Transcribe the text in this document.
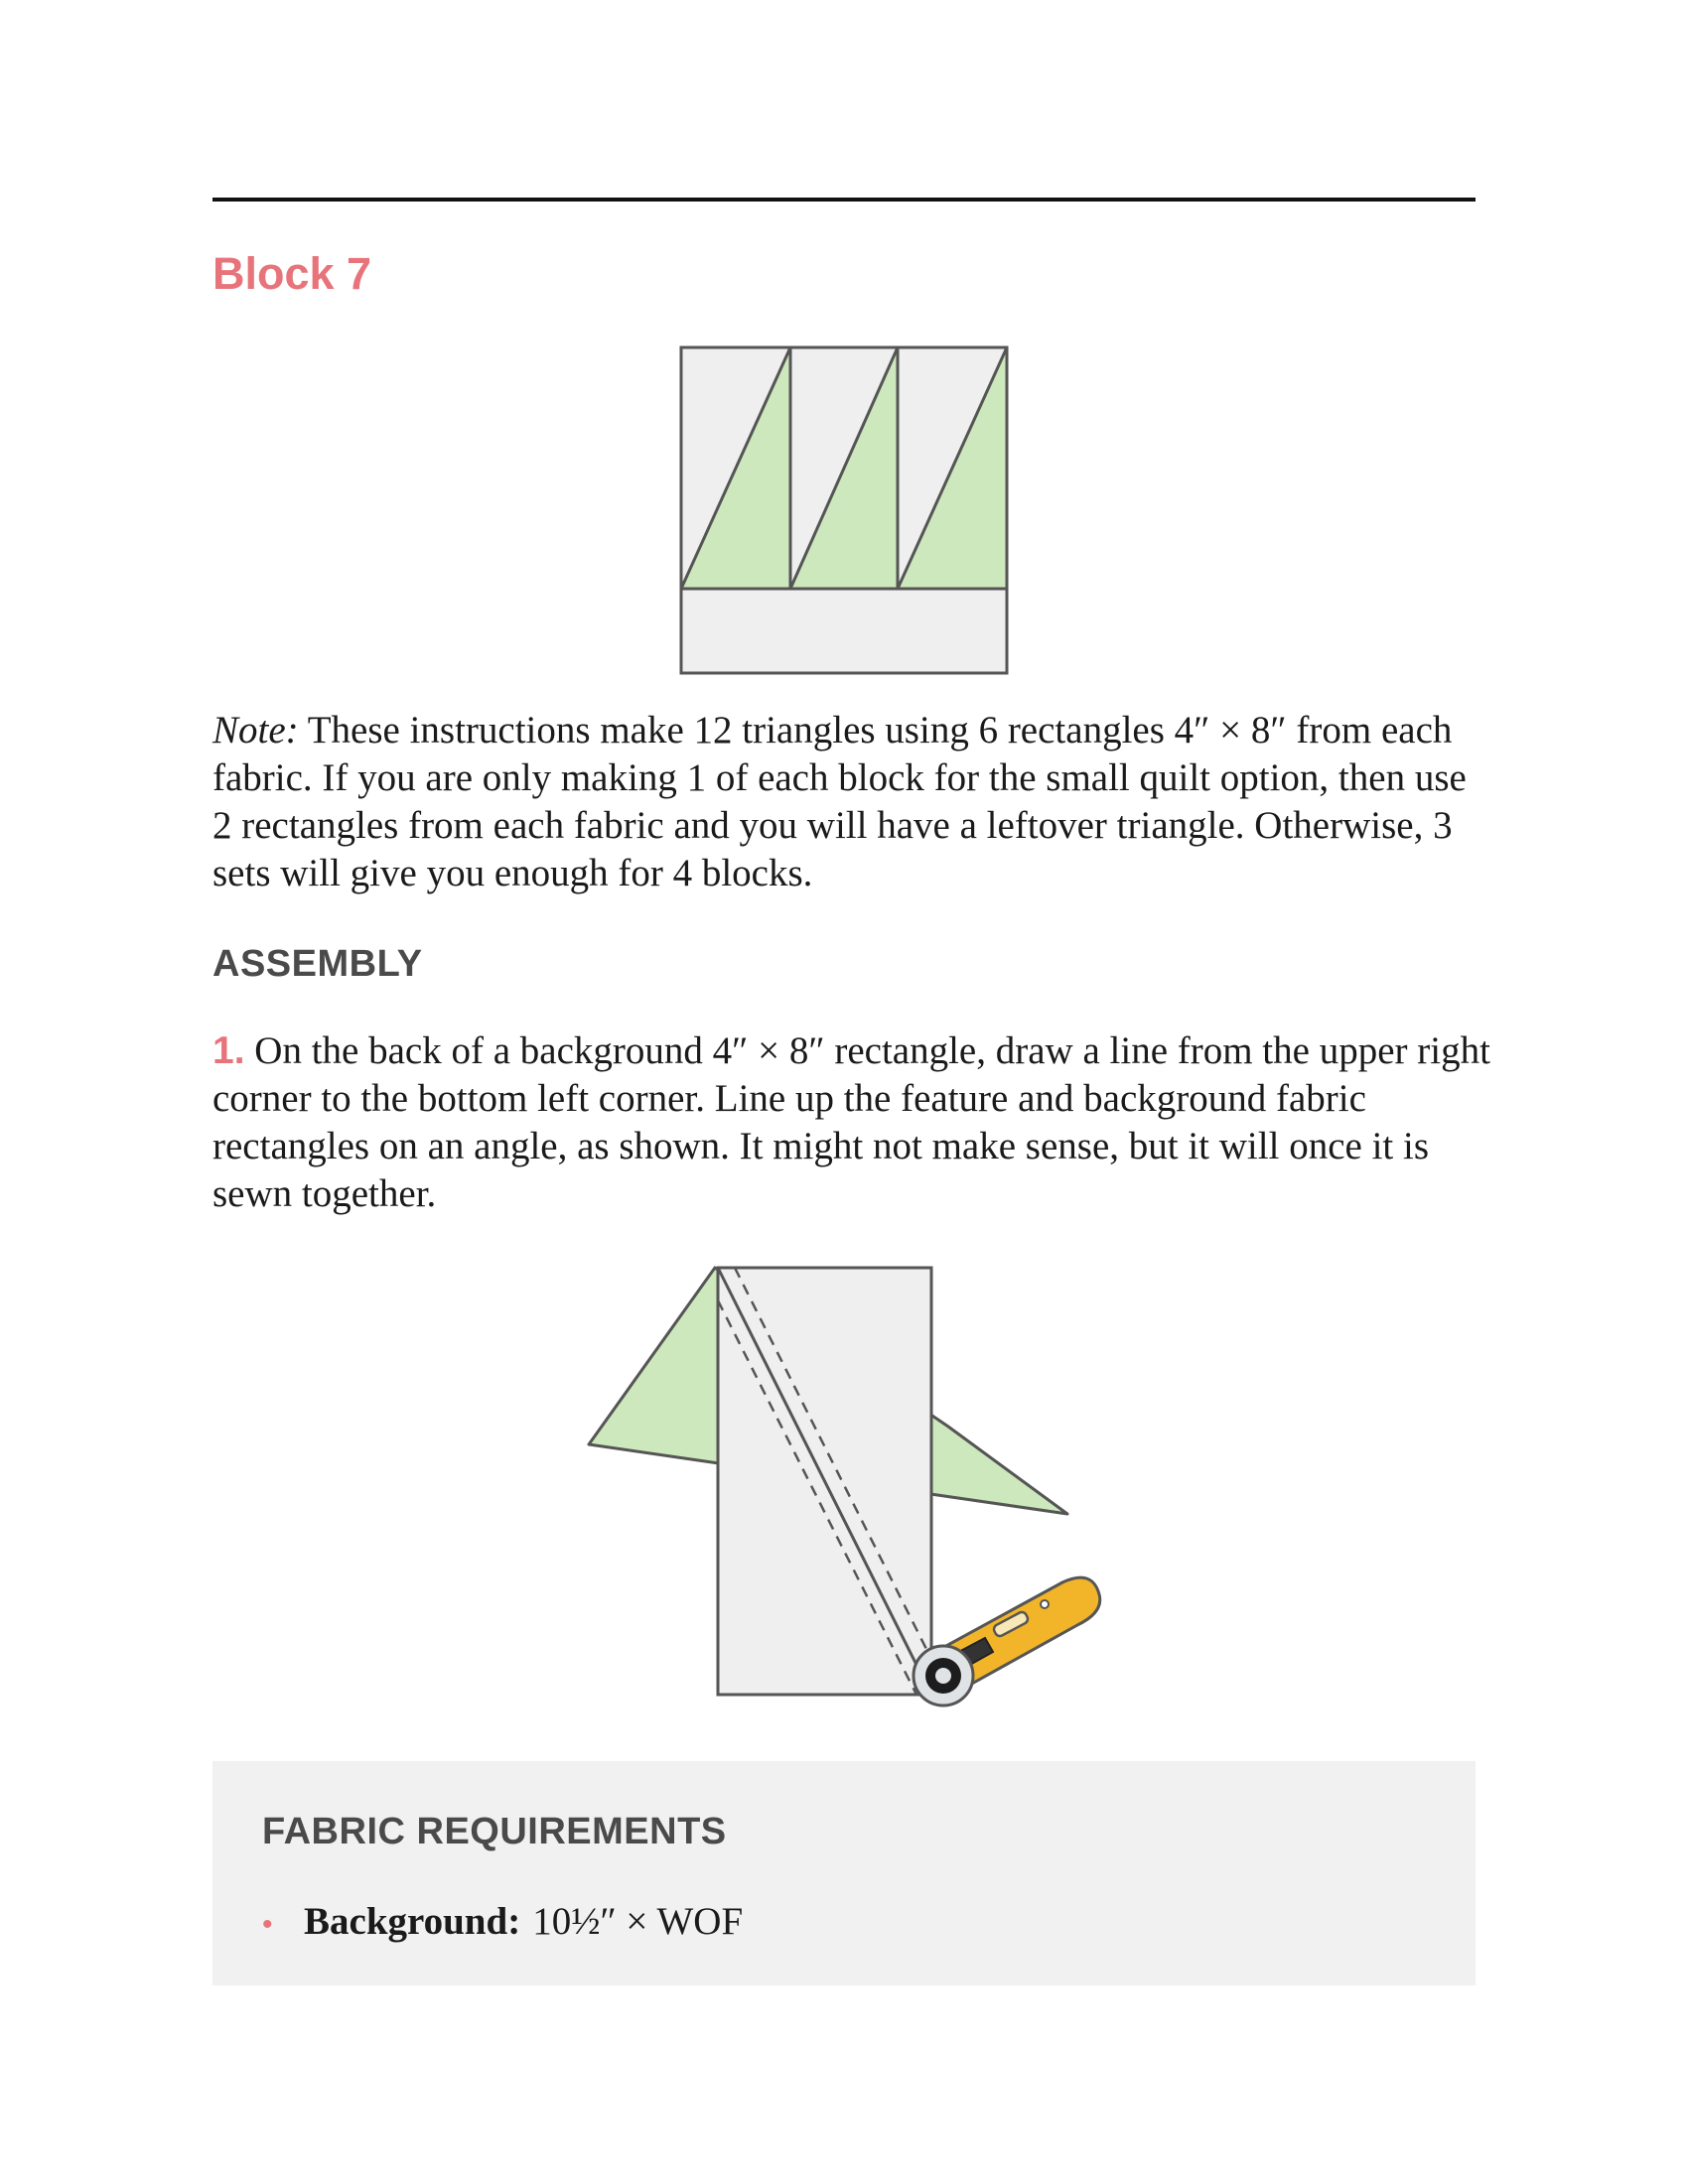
Block 7

Note: These instructions make 12 triangles using 6 rectangles 4″ × 8″ from each fabric. If you are only making 1 of each block for the small quilt option, then use 2 rectangles from each fabric and you will have a leftover triangle. Otherwise, 3 sets will give you enough for 4 blocks.

ASSEMBLY

1. On the back of a background 4″ × 8″ rectangle, draw a line from the upper right corner to the bottom left corner. Line up the feature and background fabric rectangles on an angle, as shown. It might not make sense, but it will once it is sewn together.

FABRIC REQUIREMENTS
• Background: 10½″ × WOF
